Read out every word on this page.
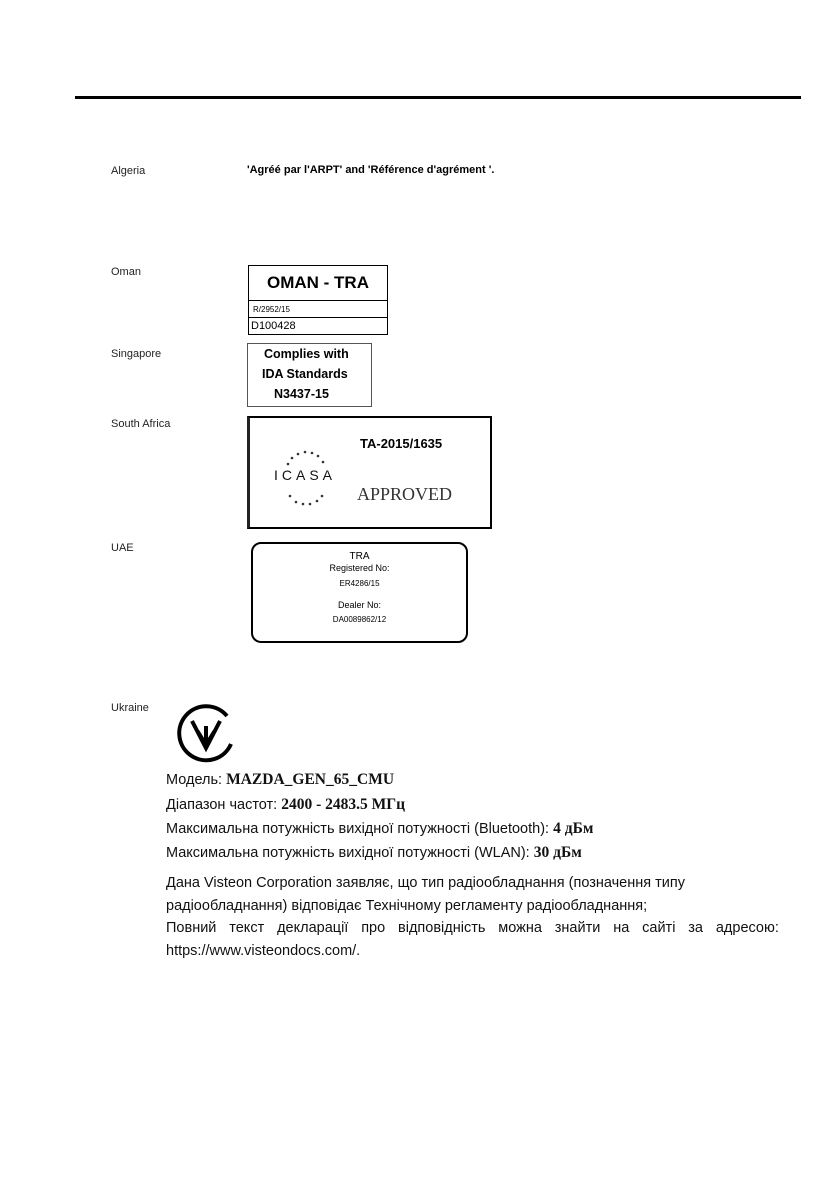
Algeria	'Agréé par l'ARPT' and 'Référence d'agrément '.
Oman
OMAN - TRA
R/2952/15
D100428
Singapore	Complies with
IDA Standards
N3437-15
South Africa
ICASA
TA-2015/1635
APPROVED
UAE
TRA
Registered No:
ER4286/15
Dealer No:
DA0089862/12
Ukraine
Модель: MAZDA_GEN_65_CMU
Діапазон частот: 2400 - 2483.5 МГц
Максимальна потужність вихідної потужності (Bluetooth): 4 дБм
Максимальна потужність вихідної потужності (WLAN): 30 дБм
Дана Visteon Corporation заявляє, що тип радіообладнання (позначення типу
радіообладнання) відповідає Технічному регламенту радіообладнання;
Повний текст декларації про відповідність можна знайти на сайті за адресою:
https://www.visteondocs.com/.
